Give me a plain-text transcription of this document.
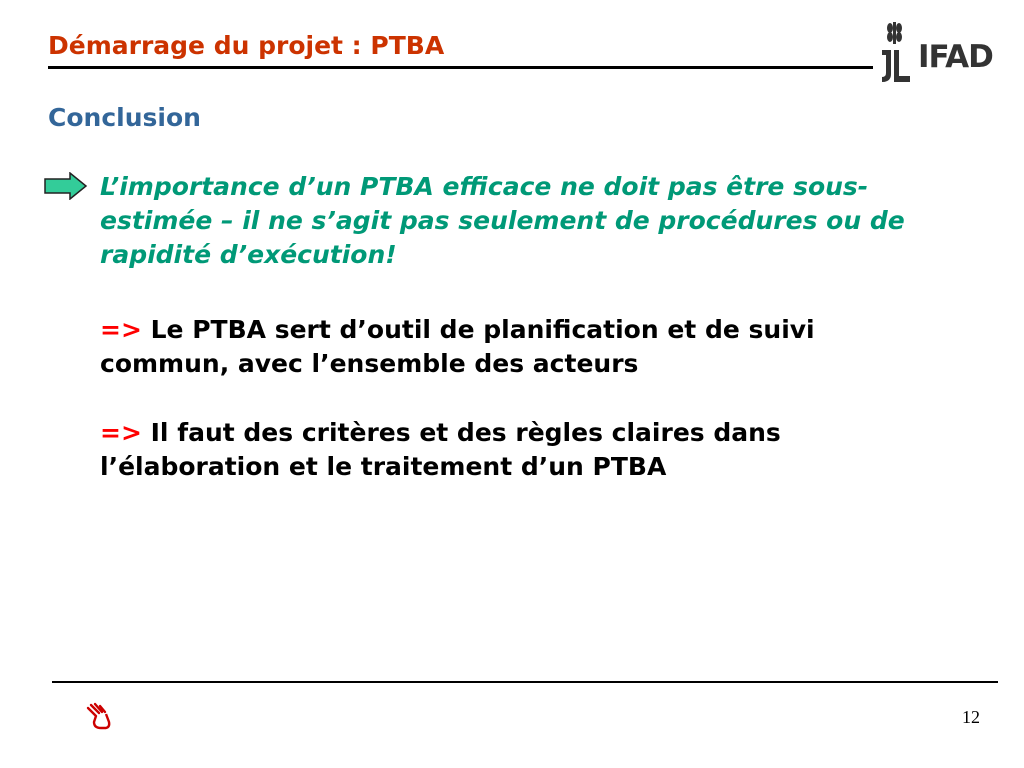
Démarrage du projet : PTBA	IFAD
Conclusion
L’importance d’un PTBA efficace ne doit pas être sous-estimée – il ne s’agit pas seulement de procédures ou de rapidité d’exécution!
=> Le PTBA sert d’outil de planification et de suivi commun, avec l’ensemble des acteurs
=> Il faut des critères et des règles claires dans l’élaboration et le traitement d’un PTBA
12
